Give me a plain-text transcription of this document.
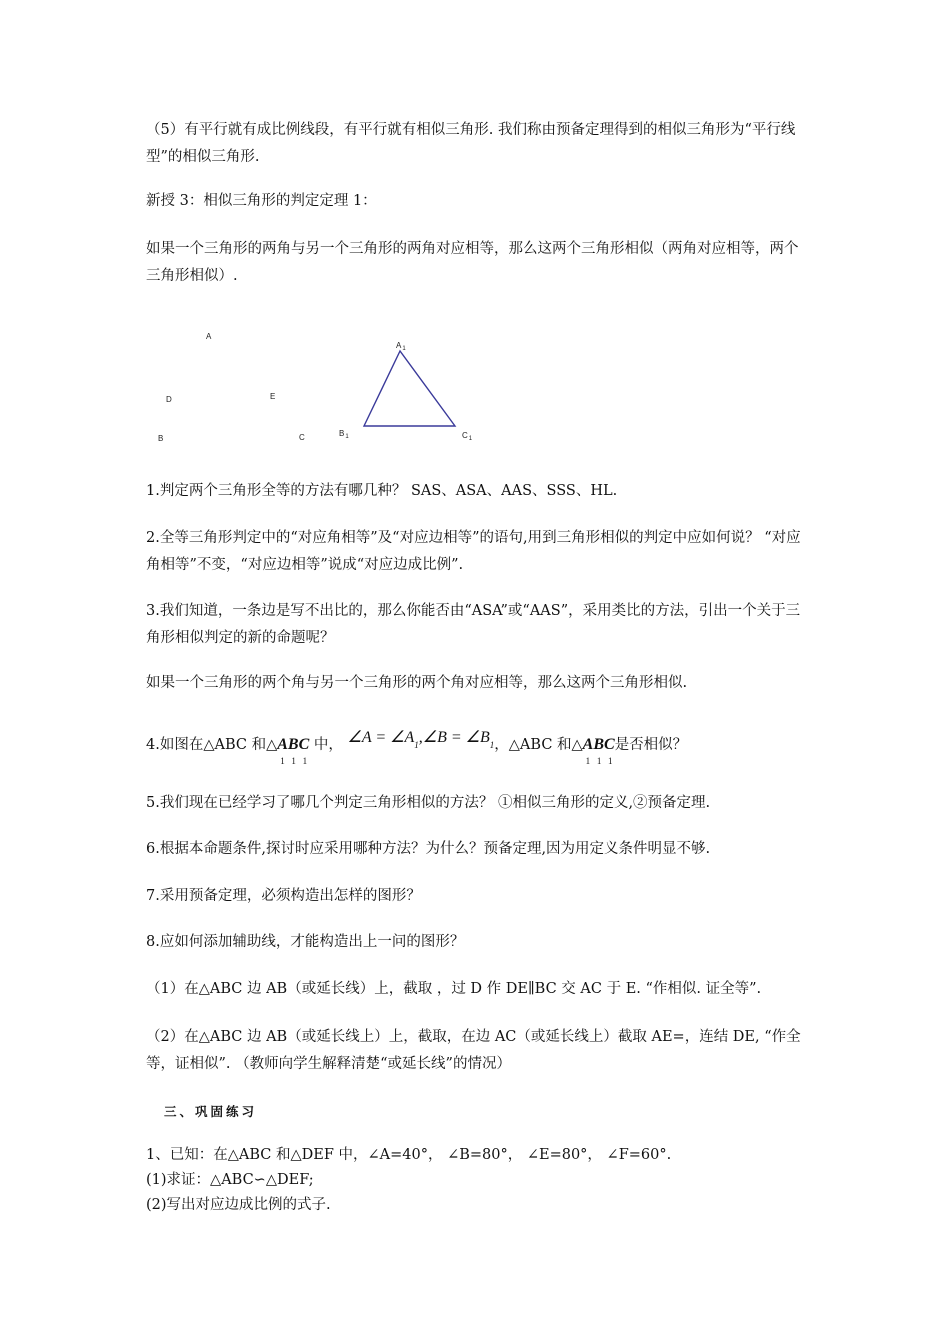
（5）有平行就有成比例线段，有平行就有相似三角形. 我们称由预备定理得到的相似三角形为“平行线型”的相似三角形.

新授 3：相似三角形的判定定理 1：

如果一个三角形的两角与另一个三角形的两角对应相等，那么这两个三角形相似（两角对应相等，两个三角形相似）.

A
D	E
B	C
$A_1$
$B_1$	$C_1$

1.判定两个三角形全等的方法有哪几种？ SAS、ASA、AAS、SSS、HL.

2.全等三角形判定中的“对应角相等”及“对应边相等”的语句,用到三角形相似的判定中应如何说？ “对应角相等”不变，“对应边相等”说成“对应边成比例”.

3.我们知道，一条边是写不出比的，那么你能否由“ASA”或“AAS”，采用类比的方法，引出一个关于三角形相似判定的新的命题呢？

如果一个三角形的两个角与另一个三角形的两个角对应相等，那么这两个三角形相似.

4.如图在△ABC 和△ABC
111
中， ∠A = $\angle A_1,\angle B$ = $\angle B_1$，△ABC 和△ABC
111
是否相似？

5.我们现在已经学习了哪几个判定三角形相似的方法？ ①相似三角形的定义,②预备定理.

6.根据本命题条件,探讨时应采用哪种方法？为什么？预备定理,因为用定义条件明显不够.

7.采用预备定理，必须构造出怎样的图形？

8.应如何添加辅助线，才能构造出上一问的图形？

（1）在△ABC 边 AB（或延长线）上，截取 ，过 D 作 DE∥BC 交 AC 于 E. “作相似. 证全等”.

（2）在△ABC 边 AB（或延长线上）上，截取，在边 AC（或延长线上）截取 AE=，连结 DE, “作全等，证相似”. （教师向学生解释清楚“或延长线”的情况）

三、巩固练习

1、已知：在△ABC 和△DEF 中，∠A=40°， ∠B=80°， ∠E=80°， ∠F=60°.
(1)求证：△ABC∽△DEF;
(2)写出对应边成比例的式子.
